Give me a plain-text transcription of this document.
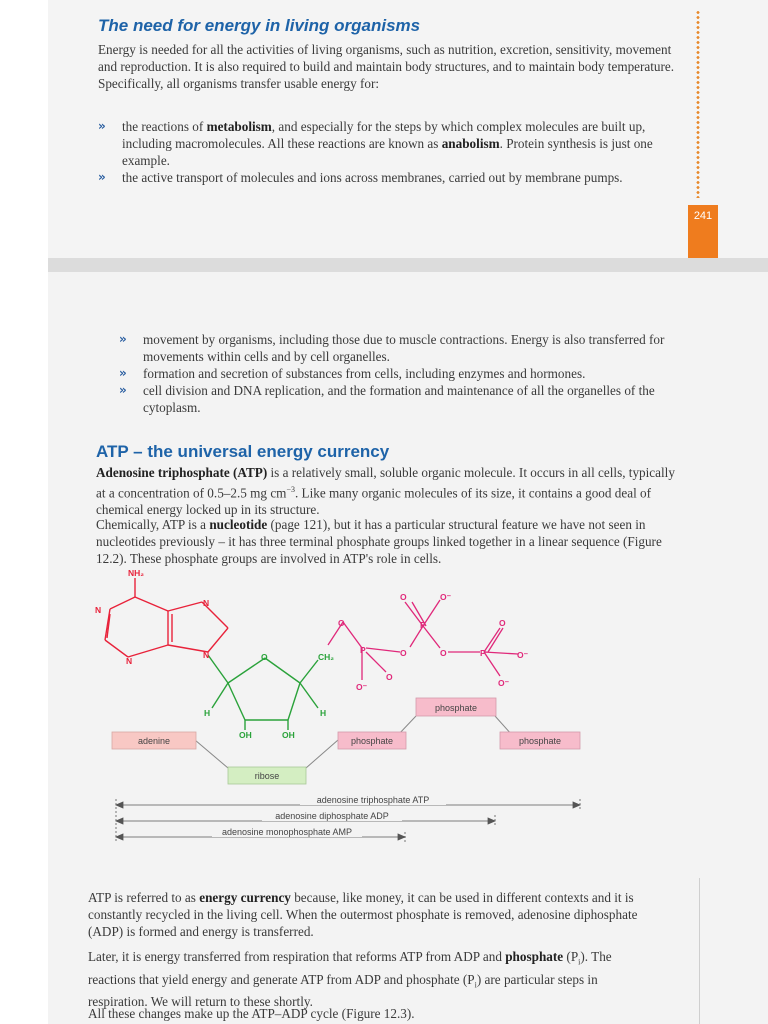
241
The need for energy in living organisms

Energy is needed for all the activities of living organisms, such as nutrition, excretion, sensitivity, movement and reproduction. It is also required to build and maintain body structures, and to maintain body temperature. Specifically, all organisms transfer usable energy for:

» the reactions of metabolism, and especially for the steps by which complex molecules are built up, including macromolecules. All these reactions are known as anabolism. Protein synthesis is just one example.
» the active transport of molecules and ions across membranes, carried out by membrane pumps.
» movement by organisms, including those due to muscle contractions. Energy is also transferred for movements within cells and by cell organelles.
» formation and secretion of substances from cells, including enzymes and hormones.
» cell division and DNA replication, and the formation and maintenance of all the organelles of the cytoplasm.
ATP – the universal energy currency

Adenosine triphosphate (ATP) is a relatively small, soluble organic molecule. It occurs in all cells, typically at a concentration of 0.5–2.5 mg $cm^{-3}$. Like many organic molecules of its size, it contains a good deal of chemical energy locked up in its structure.

Chemically, ATP is a nucleotide (page 121), but it has a particular structural feature we have not seen in nucleotides previously – it has three terminal phosphate groups linked together in a linear sequence (Figure 12.2). These phosphate groups are involved in ATP's role in cells.

NH₂
N
N
N
N	O	CH₂
H	H
OH	OH
O
P
O⁻
O
O
P
O	O⁻
O	P
O
O⁻
O⁻
adenine
ribose
phosphate
phosphate
phosphate
adenosine triphosphate ATP
adenosine diphosphate ADP
adenosine monophosphate AMP

ATP is referred to as energy currency because, like money, it can be used in different contexts and it is constantly recycled in the living cell. When the outermost phosphate is removed, adenosine diphosphate (ADP) is formed and energy is transferred.

Later, it is energy transferred from respiration that reforms ATP from ADP and phosphate $(P_i)$. The reactions that yield energy and generate ATP from ADP and phosphate $(P_i)$ are particular steps in respiration. We will return to these shortly.

All these changes make up the ATP–ADP cycle (Figure 12.3).
